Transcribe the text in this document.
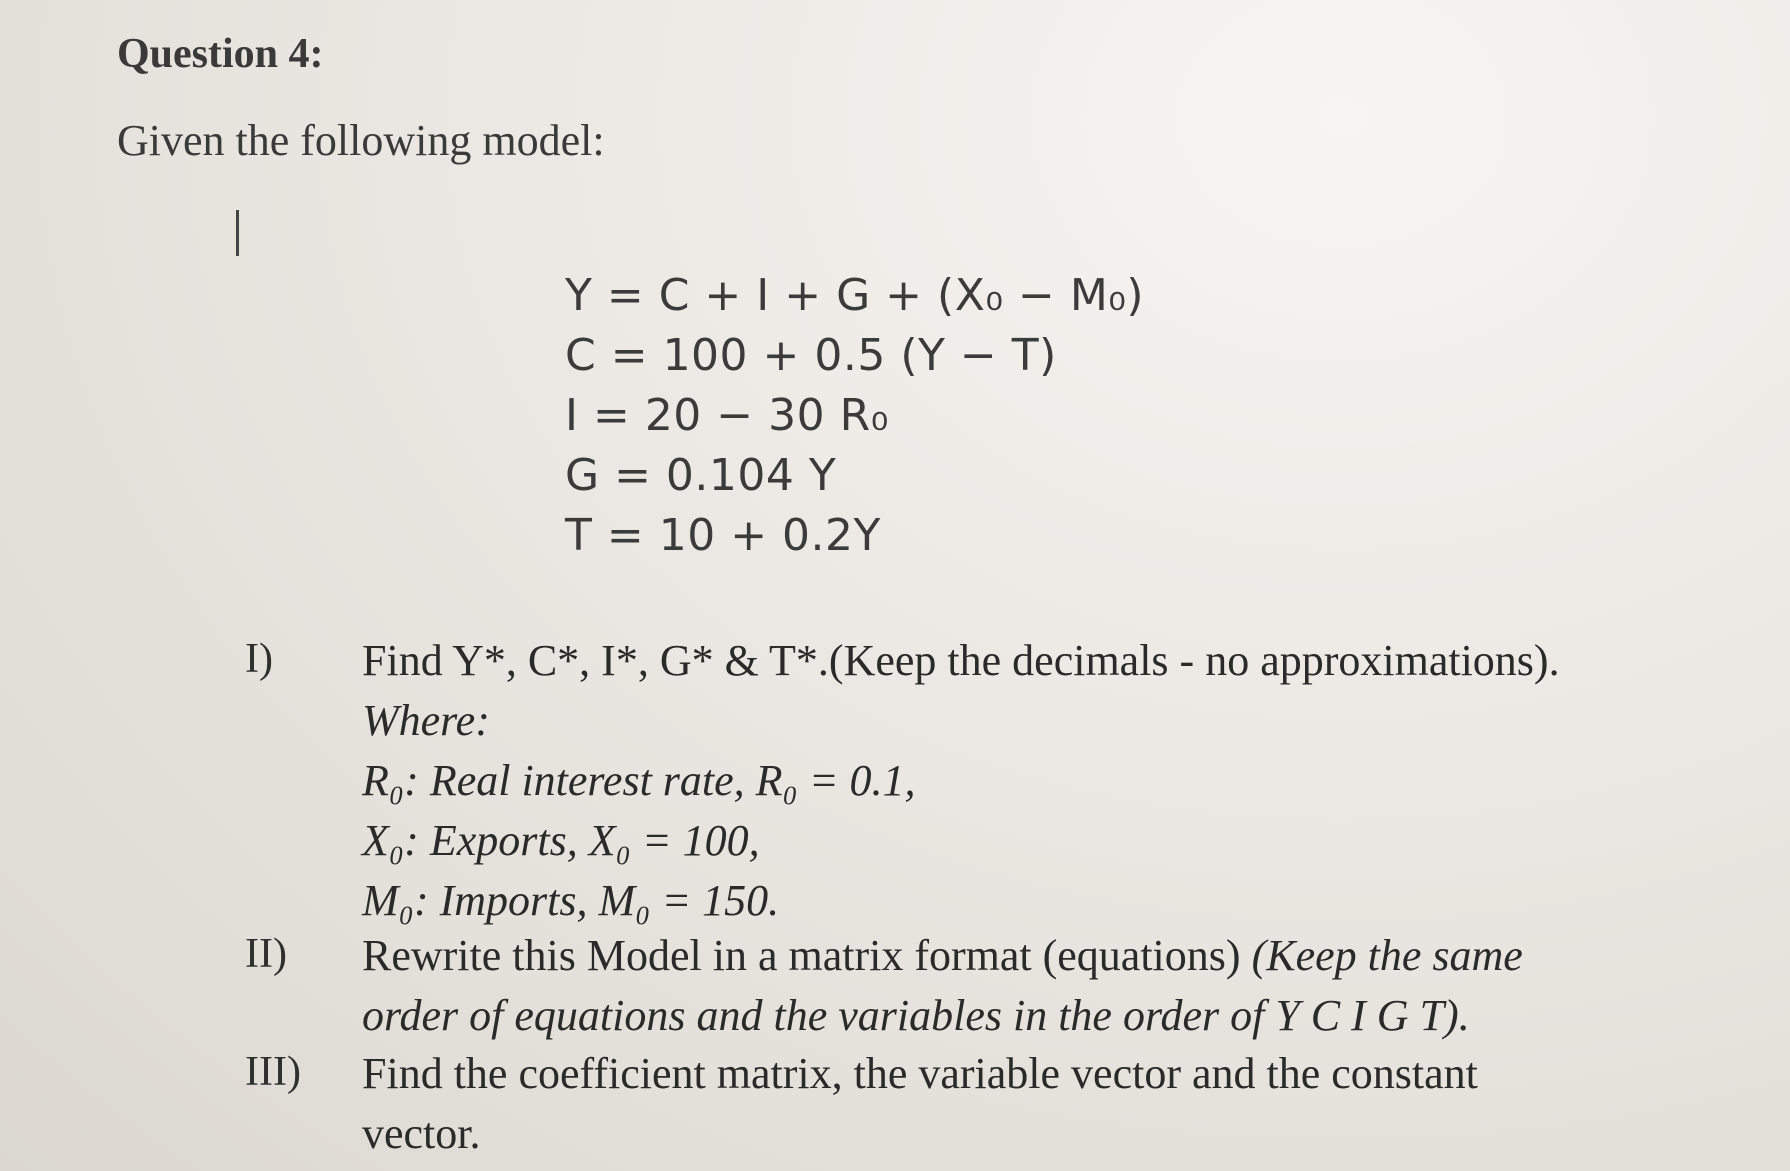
Question 4:
Given the following model:
Y = C + I + G + (X₀ − M₀)
C = 100 + 0.5 (Y − T)
I = 20 − 30 R₀
G = 0.104 Y
T = 10 + 0.2Y
I) Find Y*, C*, I*, G* & T*.(Keep the decimals - no approximations).
Where:
R₀: Real interest rate, R₀ = 0.1,
X₀: Exports, X₀ = 100,
M₀: Imports, M₀ = 150.
II) Rewrite this Model in a matrix format (equations) (Keep the same
order of equations and the variables in the order of Y C I G T).
III) Find the coefficient matrix, the variable vector and the constant
vector.
